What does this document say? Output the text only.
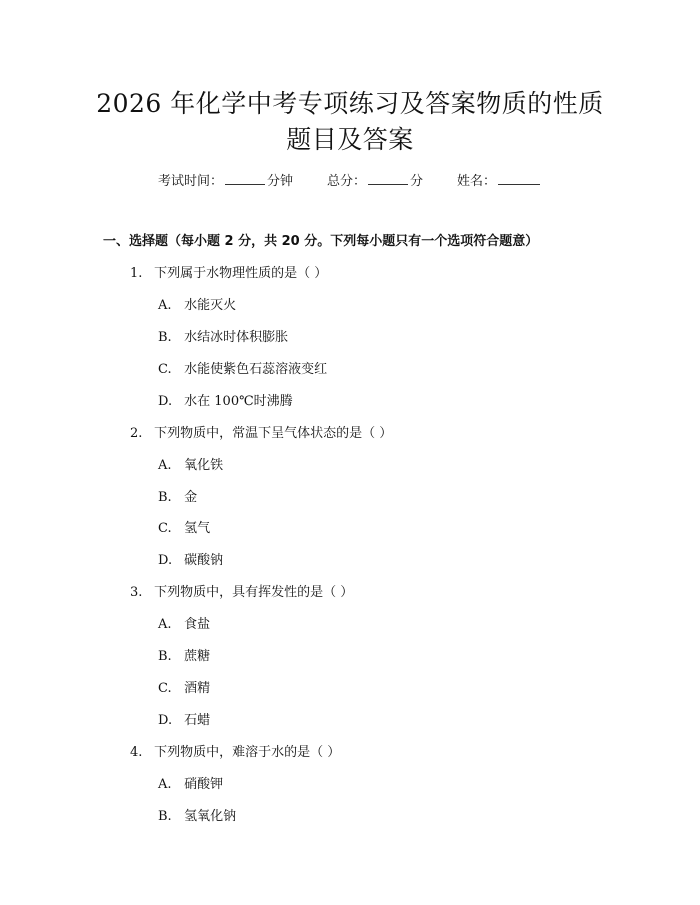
2026 年化学中考专项练习及答案物质的性质
题目及答案
考试时间：	分钟	总分：	分	姓名：
一、选择题（每小题 2 分，共 20 分。下列每小题只有一个选项符合题意）
1. 下列属于水物理性质的是（ ）
A. 水能灭火
B. 水结冰时体积膨胀
C. 水能使紫色石蕊溶液变红
D. 水在 100℃时沸腾
2. 下列物质中，常温下呈气体状态的是（ ）
A. 氧化铁
B. 金
C. 氢气
D. 碳酸钠
3. 下列物质中，具有挥发性的是（ ）
A. 食盐
B. 蔗糖
C. 酒精
D. 石蜡
4. 下列物质中，难溶于水的是（ ）
A. 硝酸钾
B. 氢氧化钠
